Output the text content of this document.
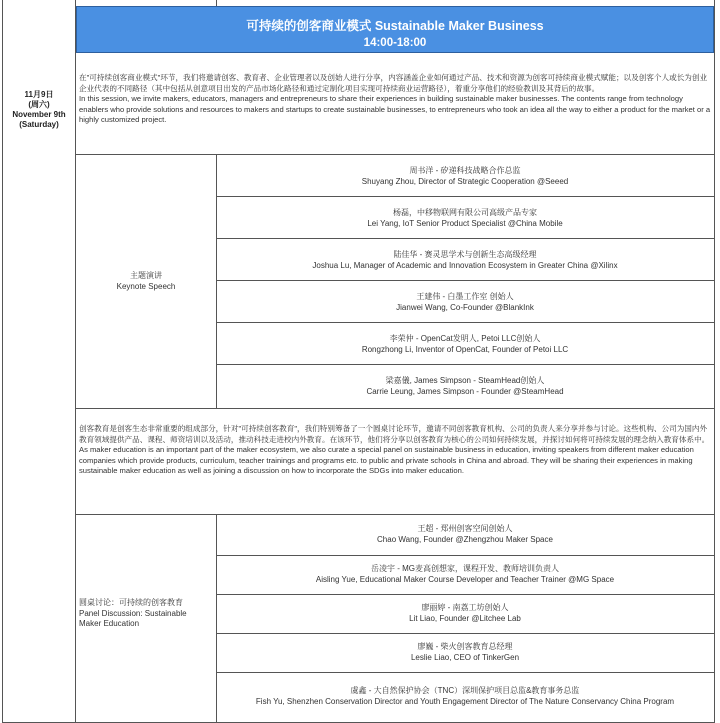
可持续的创客商业模式 Sustainable Maker Business
14:00-18:00
11月9日
(周六)
November 9th
(Saturday)
在"可持续创客商业模式"环节，我们将邀请创客、教育者、企业管理者以及创始人进行分享，内容涵盖企业如何通过产品、技术和资源为创客可持续商业模式赋能；以及创客个人或长为创业企业代表的不同路径（其中包括从创意项目出发的产品市场化路径和通过定制化项目实现可持续商业运营路径），着重分享他们的经验教训及其背后的故事。
In this session, we invite makers, educators, managers and entrepreneurs to share their experiences in building sustainable maker businesses. The contents range from technology enablers who provide solutions and resources to makers and startups to create sustainable businesses, to entrepreneurs who took an idea all the way to either a product for the market or a highly customized project.
主题演讲
Keynote Speech
周书洋 - 矽递科技战略合作总监
Shuyang Zhou, Director of Strategic Cooperation @Seeed
杨磊，中移物联网有限公司高级产品专家
Lei Yang, IoT Senior Product Specialist @China Mobile
陆佳华 - 赛灵思学术与创新生态高级经理
Joshua Lu, Manager of Academic and Innovation Ecosystem in Greater China @Xilinx
王建伟 - 白墨工作室 创始人
Jianwei Wang, Co-Founder @BlankInk
李荣仲 - OpenCat发明人, Petoi LLC创始人
Rongzhong Li, Inventor of OpenCat, Founder of Petoi LLC
梁嘉儀, James Simpson - SteamHead创始人
Carrie Leung, James Simpson - Founder @SteamHead
创客教育是创客生态非常重要的组成部分，针对"可持续创客教育"，我们特别筹备了一个圆桌讨论环节，邀请不同创客教育机构、公司的负责人来分享并参与讨论。这些机构、公司为国内外教育领域提供产品、课程、师资培训以及活动，推动科技走进校内外教育。在该环节，他们将分享以创客教育为核心的公司如何持续发展，并探讨如何将可持续发展的理念纳入教育体系中。
As maker education is an important part of the maker ecosystem, we also curate a special panel on sustainable business in education, inviting speakers from different maker education companies which provide products, curriculum, teacher trainings and programs etc. to public and private schools in China and abroad. They will be sharing their experiences in making sustainable maker education as well as joining a discussion on how to incorporate the SDGs into maker education.
圆桌讨论：可持续的创客教育
Panel Discussion: Sustainable Maker Education
王超 - 郑州创客空间创始人
Chao Wang, Founder @Zhengzhou Maker Space
岳凌宇 - MG麦高创想家，课程开发、教师培训负责人
Aisling Yue, Educational Maker Course Developer and Teacher Trainer @MG Space
廖丽婷 - 南荔工坊创始人
Lit Liao, Founder @Litchee Lab
廖巍 - 柴火创客教育总经理
Leslie Liao, CEO of TinkerGen
虞鑫 - 大自然保护协会（TNC）深圳保护项目总监&教育事务总监
Fish Yu, Shenzhen Conservation Director and Youth Engagement Director of The Nature Conservancy China Program
